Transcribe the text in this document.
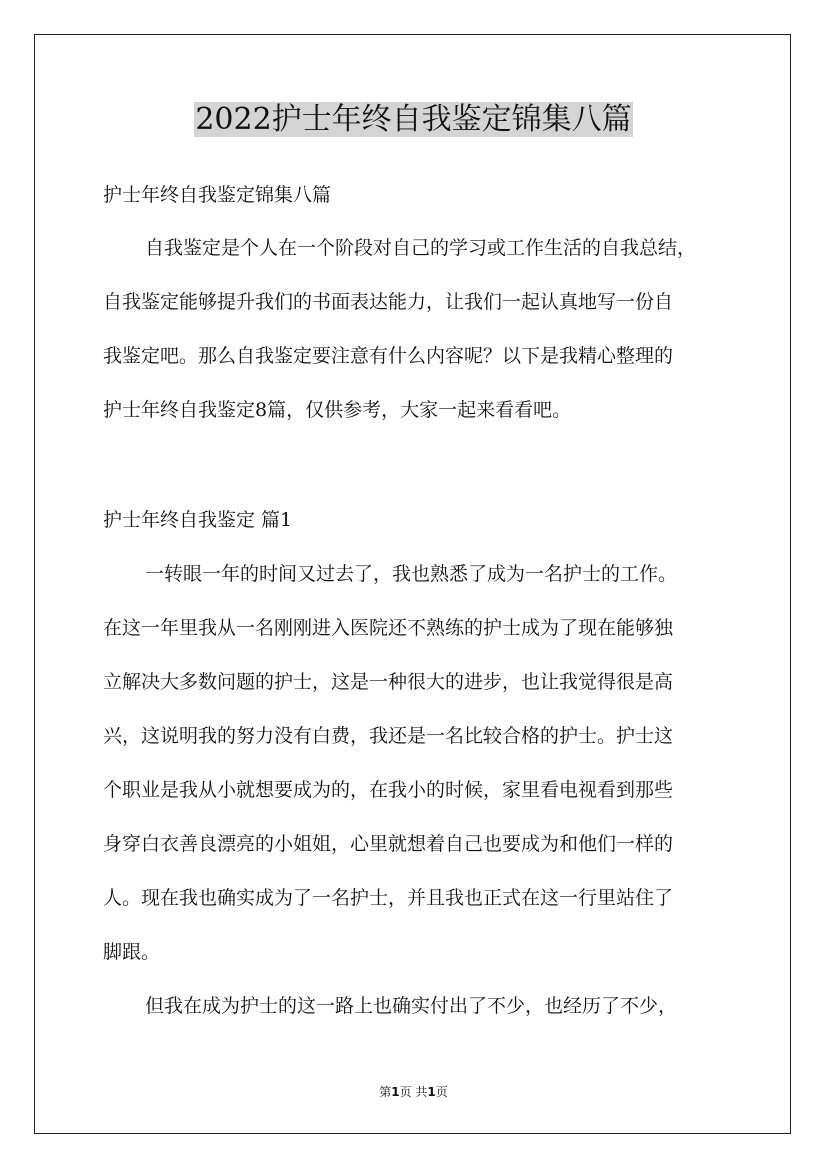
2022护士年终自我鉴定锦集八篇
护士年终自我鉴定锦集八篇
自我鉴定是个人在一个阶段对自己的学习或工作生活的自我总结，
自我鉴定能够提升我们的书面表达能力，让我们一起认真地写一份自
我鉴定吧。那么自我鉴定要注意有什么内容呢？以下是我精心整理的
护士年终自我鉴定8篇，仅供参考，大家一起来看看吧。
护士年终自我鉴定 篇1
一转眼一年的时间又过去了，我也熟悉了成为一名护士的工作。
在这一年里我从一名刚刚进入医院还不熟练的护士成为了现在能够独
立解决大多数问题的护士，这是一种很大的进步，也让我觉得很是高
兴，这说明我的努力没有白费，我还是一名比较合格的护士。护士这
个职业是我从小就想要成为的，在我小的时候，家里看电视看到那些
身穿白衣善良漂亮的小姐姐，心里就想着自己也要成为和他们一样的
人。现在我也确实成为了一名护士，并且我也正式在这一行里站住了
脚跟。
但我在成为护士的这一路上也确实付出了不少，也经历了不少，
第1页 共1页
